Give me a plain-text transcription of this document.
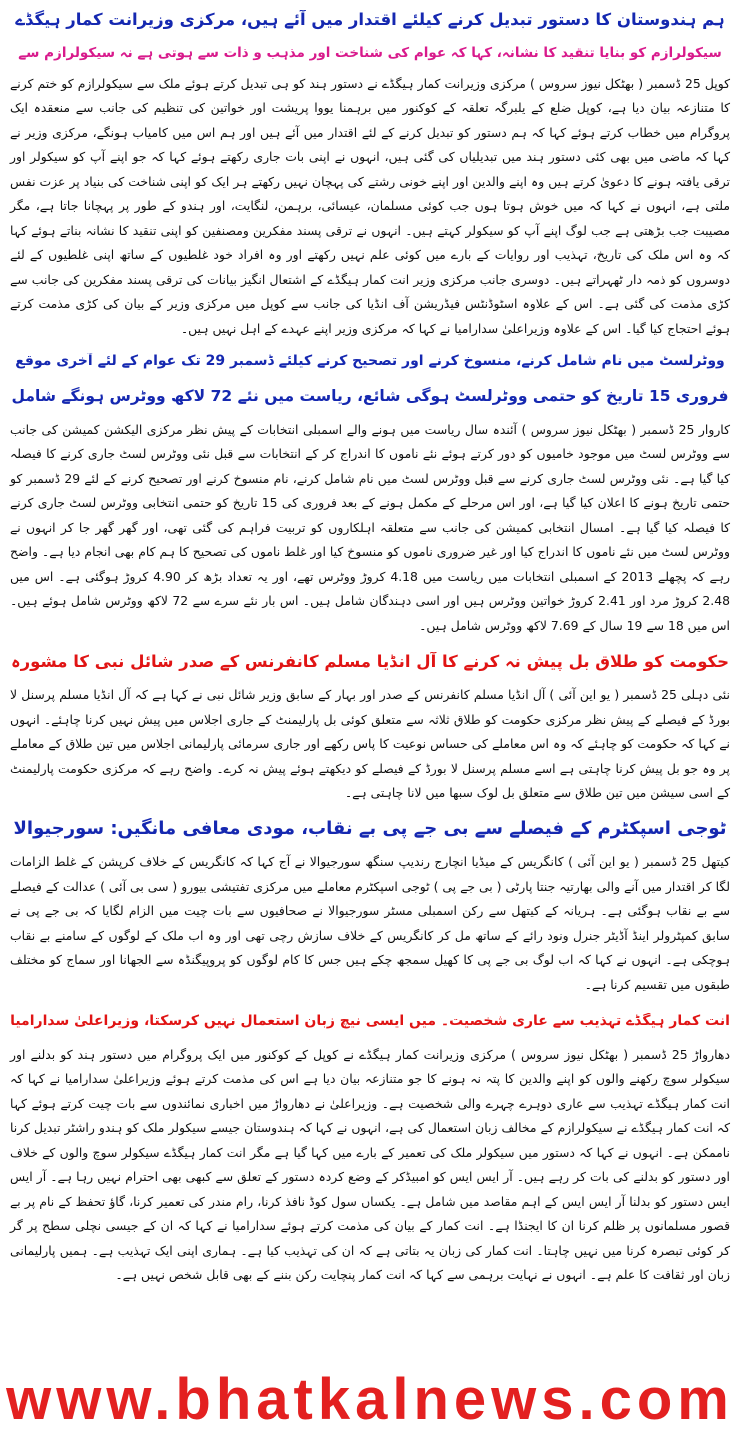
ہم ہندوستان کا دستور تبدیل کرنے کیلئے اقتدار میں آئے ہیں، مرکزی وزیرانت کمار ہیگڈے
سیکولرازم کو بنایا تنقید کا نشانہ، کہا کہ عوام کی شناخت اور مذہب و ذات سے ہوتی ہے نہ سیکولرازم سے

کوپل 25 ڈسمبر ( بھٹکل نیوز سروس ) مرکزی وزیرانت کمار ہیگڈے نے دستور ہند کو ہی تبدیل کرتے ہوئے ملک سے سیکولرازم کو ختم کرنے کا متنازعہ بیان دیا ہے، کوپل ضلع کے یلبرگہ تعلقہ کے کوکنور میں برہمنا یووا پریشت اور خواتین کی تنظیم کی جانب سے منعقدہ ایک پروگرام میں خطاب کرتے ہوئے کہا کہ ہم دستور کو تبدیل کرنے کے لئے اقتدار میں آئے ہیں اور ہم اس میں کامیاب ہونگے، مرکزی وزیر نے کہا کہ ماضی میں بھی کئی دستور ہند میں تبدیلیاں کی گئی ہیں، انہوں نے اپنی بات جاری رکھتے ہوئے کہا کہ جو اپنے آپ کو سیکولر اور ترقی یافتہ ہونے کا دعویٰ کرتے ہیں وہ اپنے والدین اور اپنے خونی رشتے کی پہچان نہیں رکھتے ہر ایک کو اپنی شناخت کی بنیاد پر عزت نفس ملتی ہے، انہوں نے کہا کہ میں خوش ہوتا ہوں جب کوئی مسلمان، عیسائی، برہمن، لنگایت، اور ہندو کے طور پر پہچانا جاتا ہے، مگر مصیبت جب بڑھتی ہے جب لوگ اپنے آپ کو سیکولر کہتے ہیں۔ انہوں نے ترقی پسند مفکرین ومصنفین کو اپنی تنقید کا نشانہ بناتے ہوئے کہا کہ وہ اس ملک کی تاریخ، تہذیب اور روایات کے بارے میں کوئی علم نہیں رکھتے اور وہ افراد خود غلطیوں کے ساتھ اپنی غلطیوں کے لئے دوسروں کو ذمہ دار ٹھہراتے ہیں۔ دوسری جانب مرکزی وزیر انت کمار ہیگڈے کے اشتعال انگیز بیانات کی ترقی پسند مفکرین کی جانب سے کڑی مذمت کی گئی ہے۔ اس کے علاوہ اسٹوڈنٹس فیڈریشن آف انڈیا کی جانب سے کوپل میں مرکزی وزیر کے بیان کی کڑی مذمت کرتے ہوئے احتجاج کیا گیا۔ اس کے علاوہ وزیراعلیٰ سدارامیا نے کہا کہ مرکزی وزیر اپنے عہدے کے اہل نہیں ہیں۔

ووٹرلسٹ میں نام شامل کرنے، منسوخ کرنے اور تصحیح کرنے کیلئے ڈسمبر 29 تک عوام کے لئے آخری موقع
فروری 15 تاریخ کو حتمی ووٹرلسٹ ہوگی شائع، ریاست میں نئے 72 لاکھ ووٹرس ہونگے شامل

کاروار 25 ڈسمبر ( بھٹکل نیوز سروس ) آئندہ سال ریاست میں ہونے والے اسمبلی انتخابات کے پیش نظر مرکزی الیکشن کمیشن کی جانب سے ووٹرس لسٹ میں موجود خامیوں کو دور کرتے ہوئے نئے ناموں کا اندراج کر کے انتخابات سے قبل نئی ووٹرس لسٹ جاری کرنے کا فیصلہ کیا گیا ہے۔ نئی ووٹرس لسٹ جاری کرنے سے قبل ووٹرس لسٹ میں نام شامل کرنے، نام منسوخ کرنے اور تصحیح کرنے کے لئے 29 ڈسمبر کو حتمی تاریخ ہونے کا اعلان کیا گیا ہے، اور اس مرحلے کے مکمل ہونے کے بعد فروری کی 15 تاریخ کو حتمی انتخابی ووٹرس لسٹ جاری کرنے کا فیصلہ کیا گیا ہے۔ امسال انتخابی کمیشن کی جانب سے متعلقہ اہلکاروں کو تربیت فراہم کی گئی تھی، اور گھر گھر جا کر انہوں نے ووٹرس لسٹ میں نئے ناموں کا اندراج کیا اور غیر ضروری ناموں کو منسوخ کیا اور غلط ناموں کی تصحیح کا ہم کام بھی انجام دیا ہے۔ واضح رہے کہ پچھلے 2013 کے اسمبلی انتخابات میں ریاست میں 4.18 کروڑ ووٹرس تھے، اور یہ تعداد بڑھ کر 4.90 کروڑ ہوگئی ہے۔ اس میں 2.48 کروڑ مرد اور 2.41 کروڑ خواتین ووٹرس ہیں اور اسی دہندگان شامل ہیں۔ اس بار نئے سرے سے 72 لاکھ ووٹرس شامل ہوئے ہیں۔ اس میں 18 سے 19 سال کے 7.69 لاکھ ووٹرس شامل ہیں۔

حکومت کو طلاق بل پیش نہ کرنے کا آل انڈیا مسلم کانفرنس کے صدر شائل نبی کا مشورہ

نئی دہلی 25 ڈسمبر ( یو این آئی ) آل انڈیا مسلم کانفرنس کے صدر اور بہار کے سابق وزیر شائل نبی نے کہا ہے کہ آل انڈیا مسلم پرسنل لا بورڈ کے فیصلے کے پیش نظر مرکزی حکومت کو طلاق ثلاثہ سے متعلق کوئی بل پارلیمنٹ کے جاری اجلاس میں پیش نہیں کرنا چاہئے۔ انہوں نے کہا کہ حکومت کو چاہئے کہ وہ اس معاملے کی حساس نوعیت کا پاس رکھے اور جاری سرمائی پارلیمانی اجلاس میں تین طلاق کے معاملے پر وہ جو بل پیش کرنا چاہتی ہے اسے مسلم پرسنل لا بورڈ کے فیصلے کو دیکھتے ہوئے پیش نہ کرے۔ واضح رہے کہ مرکزی حکومت پارلیمنٹ کے اسی سیشن میں تین طلاق سے متعلق بل لوک سبھا میں لانا چاہتی ہے۔

ٹوجی اسپکٹرم کے فیصلے سے بی جے پی بے نقاب، مودی معافی مانگیں: سورجیوالا

کیتھل 25 ڈسمبر ( یو این آئی ) کانگریس کے میڈیا انچارج رندیپ سنگھ سورجیوالا نے آج کہا کہ کانگریس کے خلاف کرپشن کے غلط الزامات لگا کر اقتدار میں آنے والی بھارتیہ جنتا پارٹی ( بی جے پی ) ٹوجی اسپکٹرم معاملے میں مرکزی تفتیشی بیورو ( سی بی آئی ) عدالت کے فیصلے سے بے نقاب ہوگئی ہے۔ ہریانہ کے کیتھل سے رکن اسمبلی مسٹر سورجیوالا نے صحافیوں سے بات چیت میں الزام لگایا کہ بی جے پی نے سابق کمپٹرولر اینڈ آڈیٹر جنرل ونود رائے کے ساتھ مل کر کانگریس کے خلاف سازش رچی تھی اور وہ اب ملک کے لوگوں کے سامنے بے نقاب ہوچکی ہے۔ انہوں نے کہا کہ اب لوگ بی جے پی کا کھیل سمجھ چکے ہیں جس کا کام لوگوں کو پروپیگنڈہ سے الجھانا اور سماج کو مختلف طبقوں میں تقسیم کرنا ہے۔

انت کمار ہیگڈے تہذیب سے عاری شخصیت۔ میں ایسی نیچ زبان استعمال نہیں کرسکتا، وزیراعلیٰ سدارامیا

دھارواڑ 25 ڈسمبر ( بھٹکل نیوز سروس ) مرکزی وزیرانت کمار ہیگڈے نے کوپل کے کوکنور میں ایک پروگرام میں دستور ہند کو بدلنے اور سیکولر سوچ رکھنے والوں کو اپنے والدین کا پتہ نہ ہونے کا جو متنازعہ بیان دیا ہے اس کی مذمت کرتے ہوئے وزیراعلیٰ سدارامیا نے کہا کہ انت کمار ہیگڈے تہذیب سے عاری دوہرے چہرے والی شخصیت ہے۔ وزیراعلیٰ نے دھارواڑ میں اخباری نمائندوں سے بات چیت کرتے ہوئے کہا کہ انت کمار ہیگڈے نے سیکولرازم کے مخالف زبان استعمال کی ہے، انہوں نے کہا کہ ہندوستان جیسے سیکولر ملک کو ہندو راشٹر تبدیل کرنا ناممکن ہے۔ انہوں نے کہا کہ دستور میں سیکولر ملک کی تعمیر کے بارے میں کہا گیا ہے مگر انت کمار ہیگڈے سیکولر سوچ والوں کے خلاف اور دستور کو بدلنے کی بات کر رہے ہیں۔ آر ایس ایس کو امبیڈکر کے وضع کردہ دستور کے تعلق سے کبھی بھی احترام نہیں رہا ہے۔ آر ایس ایس دستور کو بدلنا آر ایس ایس کے اہم مقاصد میں شامل ہے۔ یکساں سول کوڈ نافذ کرنا، رام مندر کی تعمیر کرنا، گاؤ تحفظ کے نام پر بے قصور مسلمانوں پر ظلم کرنا ان کا ایجنڈا ہے۔ انت کمار کے بیان کی مذمت کرتے ہوئے سدارامیا نے کہا کہ ان کے جیسی نچلی سطح پر گر کر کوئی تبصرہ کرنا میں نہیں چاہتا۔ انت کمار کی زبان یہ بتاتی ہے کہ ان کی تہذیب کیا ہے۔ ہماری اپنی ایک تہذیب ہے۔ ہمیں پارلیمانی زبان اور ثقافت کا علم ہے۔ انہوں نے نہایت برہمی سے کہا کہ انت کمار پنچایت رکن بننے کے بھی قابل شخص نہیں ہے۔

www.bhatkalnews.com
